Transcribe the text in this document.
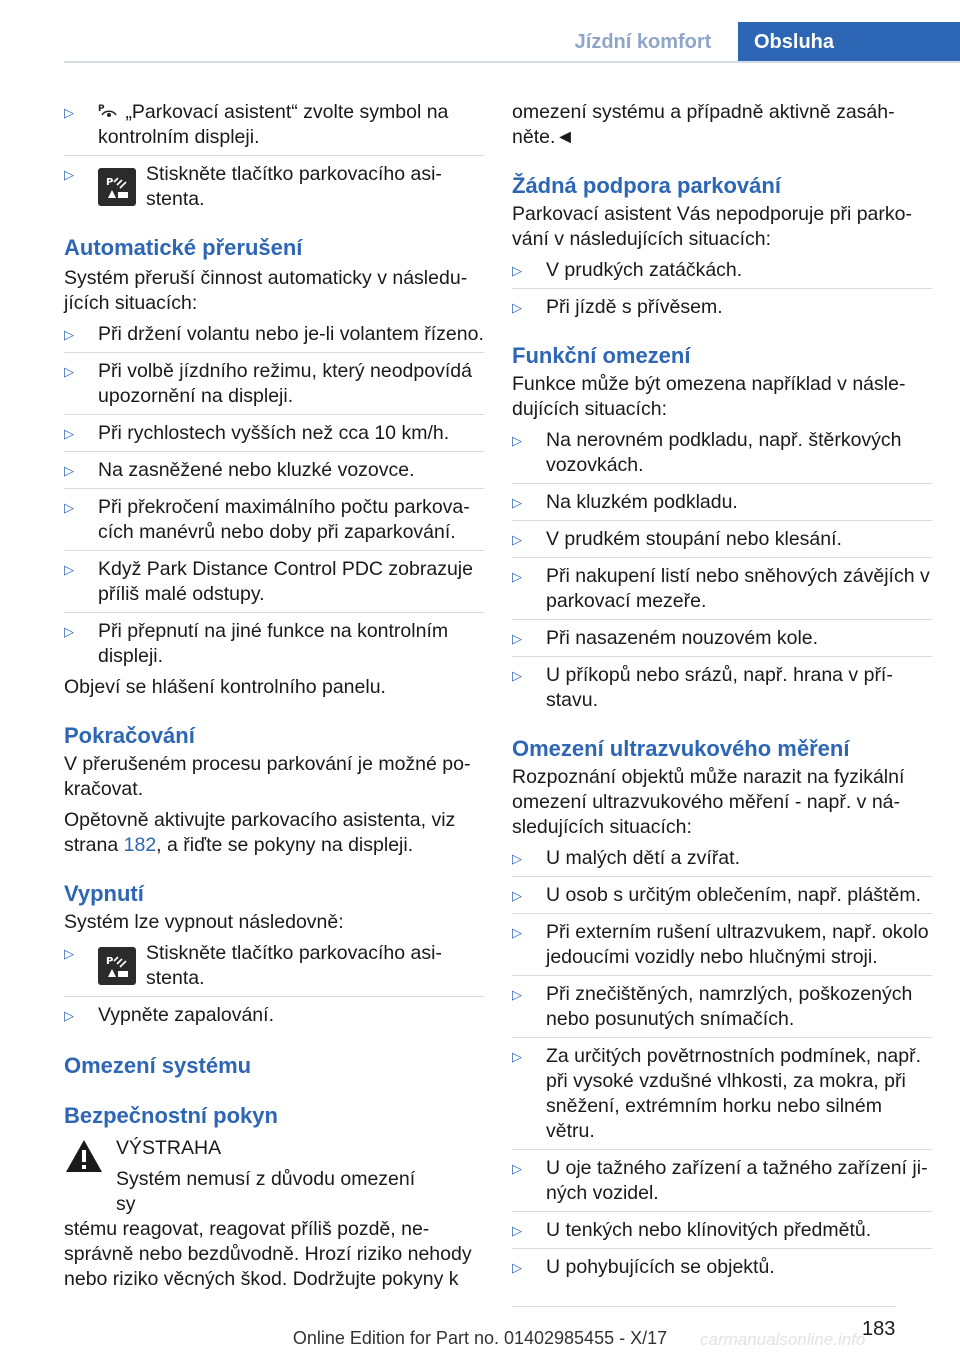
Jízdní komfort	Obsluha
▷	P „Parkovací asistent“ zvolte symbol na kontrolním displeji.
▷
P Stiskněte tlačítko parkovacího asistenta.
Automatické přerušení

Systém přeruší činnost automaticky v následujících situacích:

▷	Při držení volantu nebo je-li volantem řízeno.
▷	Při volbě jízdního režimu, který neodpovídá upozornění na displeji.
▷	Při rychlostech vyšších než cca 10 km/h.
▷	Na zasněžené nebo kluzké vozovce.
▷	Při překročení maximálního počtu parkovacích manévrů nebo doby při zaparkování.
▷	Když Park Distance Control PDC zobrazuje příliš malé odstupy.
▷	Při přepnutí na jiné funkce na kontrolním displeji.

Objeví se hlášení kontrolního panelu.

Pokračování

V přerušeném procesu parkování je možné pokračovat.

Opětovně aktivujte parkovacího asistenta, viz strana 182, a řiďte se pokyny na displeji.

Vypnutí

Systém lze vypnout následovně:

▷
P Stiskněte tlačítko parkovacího asistenta.
▷	Vypněte zapalování.
Omezení systému
Bezpečnostní pokyn
VÝSTRAHA
Systém nemusí z důvodu omezení sy

stému reagovat, reagovat příliš pozdě, nesprávně nebo bezdůvodně. Hrozí riziko nehody nebo riziko věcných škod. Dodržujte pokyny k

omezení systému a případně aktivně zasáhněte.◄

Žádná podpora parkování

Parkovací asistent Vás nepodporuje při parkování v následujících situacích:

▷	V prudkých zatáčkách.
▷	Při jízdě s přívěsem.
Funkční omezení

Funkce může být omezena například v následujících situacích:

▷	Na nerovném podkladu, např. štěrkových vozovkách.
▷	Na kluzkém podkladu.
▷	V prudkém stoupání nebo klesání.
▷	Při nakupení listí nebo sněhových závějích v parkovací mezeře.
▷	Při nasazeném nouzovém kole.
▷	U příkopů nebo srázů, např. hrana v přístavu.
Omezení ultrazvukového měření

Rozpoznání objektů může narazit na fyzikální omezení ultrazvukového měření - např. v následujících situacích:

▷	U malých dětí a zvířat.
▷	U osob s určitým oblečením, např. pláštěm.
▷	Při externím rušení ultrazvukem, např. okolo jedoucími vozidly nebo hlučnými stroji.
▷	Při znečištěných, namrzlých, poškozených nebo posunutých snímačích.
▷	Za určitých povětrnostních podmínek, např. při vysoké vzdušné vlhkosti, za mokra, při sněžení, extrémním horku nebo silném větru.
▷	U oje tažného zařízení a tažného zařízení jiných vozidel.
▷	U tenkých nebo klínovitých předmětů.
▷	U pohybujících se objektů.
183
Online Edition for Part no. 01402985455 - X/17	carmanualsonline.info
